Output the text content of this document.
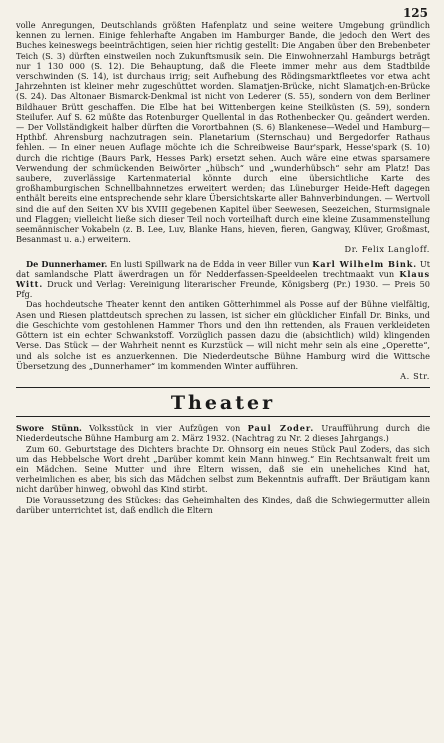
125

volle Anregungen, Deutschlands größten Hafenplatz und seine weitere Umgebung gründlich kennen zu lernen. Einige fehlerhafte Angaben im Hamburger Bande, die jedoch den Wert des Buches keineswegs beeinträchtigen, seien hier richtig gestellt: Die Angaben über den Brebenbeter Teich (S. 3) dürften einstweilen noch Zukunftsmusik sein. Die Einwohnerzahl Hamburgs beträgt nur 1 130 000 (S. 12). Die Behauptung, daß die Fleete immer mehr aus dem Stadtbilde verschwinden (S. 14), ist durchaus irrig; seit Aufhebung des Rödingsmarktfleetes vor etwa acht Jahrzehnten ist kleiner mehr zugeschüttet worden. Slamatjen-Brücke, nicht Slamatjch-en-Brücke (S. 24). Das Altonaer Bismarck-Denkmal ist nicht von Lederer (S. 55), sondern von dem Berliner Bildhauer Brütt geschaffen. Die Elbe hat bei Wittenbergen keine Steilküsten (S. 59), sondern Steilufer. Auf S. 62 müßte das Rotenburger Quellental in das Rothenbecker Qu. geändert werden. — Der Vollständigkeit halber dürften die Vorortbahnen (S. 6) Blankenese—Wedel und Hamburg—Hpthbf. Ahrensburg nachzutragen sein. Planetarium (Sternschau) und Bergedorfer Rathaus fehlen. — In einer neuen Auflage möchte ich die Schreibweise Baur'spark, Hesse'spark (S. 10) durch die richtige (Baurs Park, Hesses Park) ersetzt sehen. Auch wäre eine etwas sparsamere Verwendung der schmückenden Beiwörter „hübsch“ und „wunderhübsch“ sehr am Platz! Das saubere, zuverlässige Kartenmaterial könnte durch eine übersichtliche Karte des großhamburgischen Schnellbahnnetzes erweitert werden; das Lüneburger Heide-Heft dagegen enthält bereits eine entsprechende sehr klare Übersichtskarte aller Bahnverbindungen. — Wertvoll sind die auf den Seiten XV bis XVIII gegebenen Kapitel über Seewesen, Seezeichen, Sturmsignale und Flaggen; vielleicht ließe sich dieser Teil noch vorteilhaft durch eine kleine Zusammenstellung seemännischer Vokabeln (z. B. Lee, Luv, Blanke Hans, hieven, fieren, Gangway, Klüver, Großmast, Besanmast u. a.) erweitern.

Dr. Felix Langloff.

De Dunnerhamer. En lusti Spillwark na de Edda in veer Biller vun Karl Wilhelm Bink. Ut dat samlandsche Platt äwerdragen un för Nedderfassen-Speeldeelen trechtmaakt vun Klaus Witt. Druck und Verlag: Vereinigung literarischer Freunde, Königsberg (Pr.) 1930. — Preis 50 Pfg.

Das hochdeutsche Theater kennt den antiken Götterhimmel als Posse auf der Bühne vielfältig, Asen und Riesen plattdeutsch sprechen zu lassen, ist sicher ein glücklicher Einfall Dr. Binks, und die Geschichte vom gestohlenen Hammer Thors und den ihn rettenden, als Frauen verkleideten Göttern ist ein echter Schwankstoff. Vorzüglich passen dazu die (absichtlich) wild) klingenden Verse. Das Stück — der Wahrheit nennt es Kurzstück — will nicht mehr sein als eine „Operette“, und als solche ist es anzuerkennen. Die Niederdeutsche Bühne Hamburg wird die Wittsche Übersetzung des „Dunnerhamer“ im kommenden Winter aufführen.

A. Str.
Theater

Swore Stünn. Volksstück in vier Aufzügen von Paul Zoder. Uraufführung durch die Niederdeutsche Bühne Hamburg am 2. März 1932. (Nachtrag zu Nr. 2 dieses Jahrgangs.)

Zum 60. Geburtstage des Dichters brachte Dr. Ohnsorg ein neues Stück Paul Zoders, das sich um das Hebbelsche Wort dreht „Darüber kommt kein Mann hinweg.“ Ein Rechtsanwalt freit um ein Mädchen. Seine Mutter und ihre Eltern wissen, daß sie ein uneheliches Kind hat, verheimlichen es aber, bis sich das Mädchen selbst zum Bekenntnis aufrafft. Der Bräutigam kann nicht darüber hinweg, obwohl das Kind stirbt.

Die Voraussetzung des Stückes: das Geheimhalten des Kindes, daß die Schwiegermutter allein darüber unterrichtet ist, daß endlich die Eltern
